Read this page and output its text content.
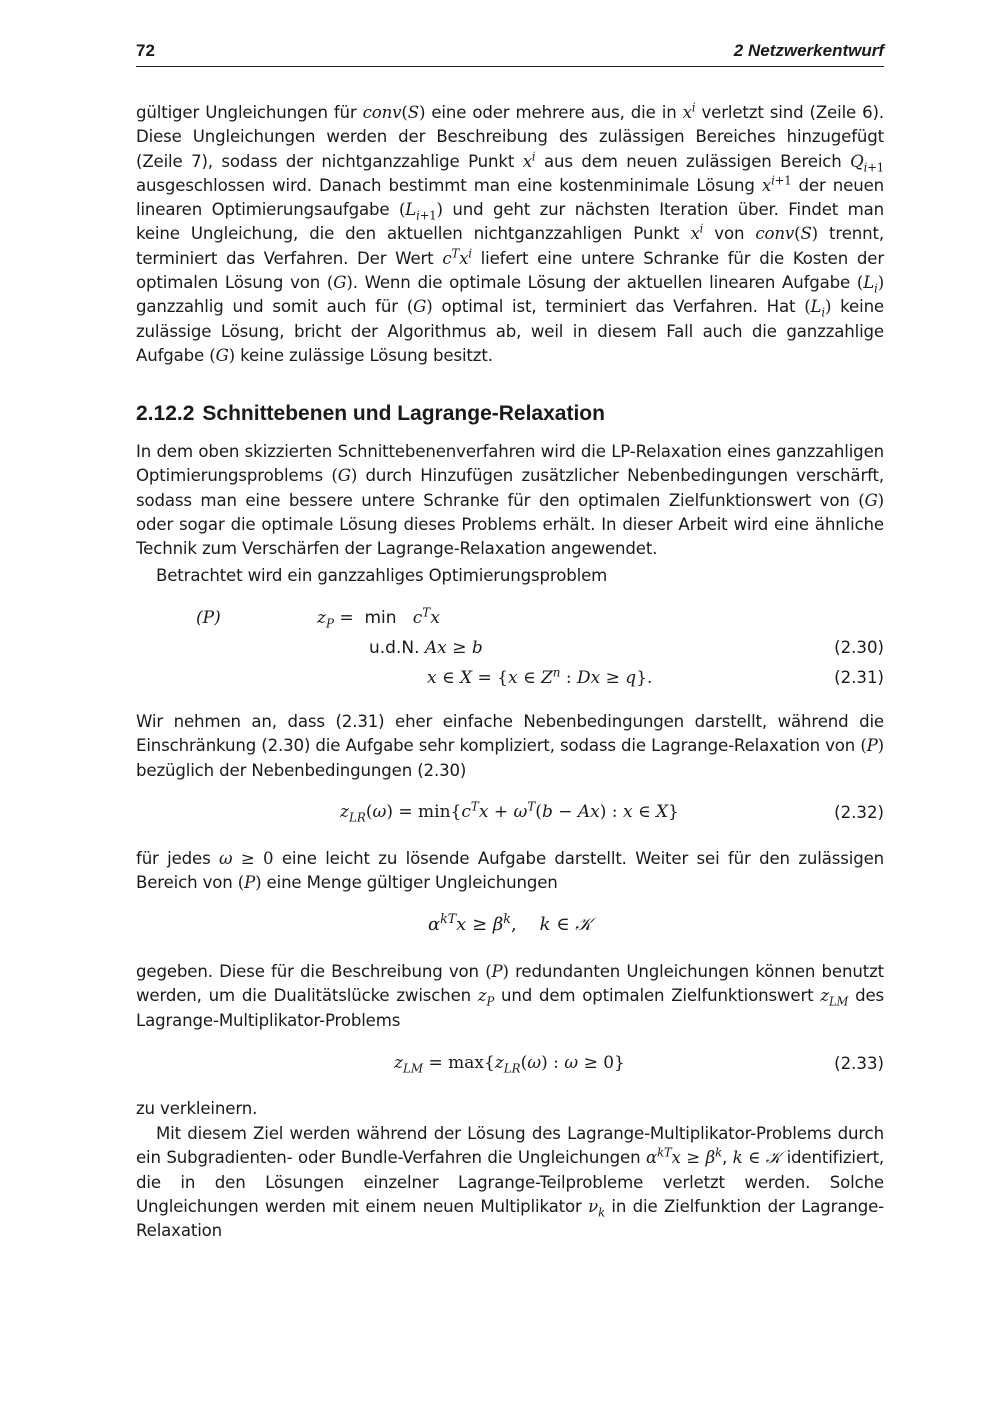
72	2 Netzwerkentwurf

gültiger Ungleichungen für conv(S) eine oder mehrere aus, die in $x^i$ verletzt sind (Zeile 6). Diese Ungleichungen werden der Beschreibung des zulässigen Bereiches hinzugefügt (Zeile 7), sodass der nichtganzzahlige Punkt $x^i$ aus dem neuen zulässigen Bereich $Q_{i+1}$ ausgeschlossen wird. Danach bestimmt man eine kostenminimale Lösung $x^{i+1}$ der neuen linearen Optimierungsaufgabe $(L_{i+1})$ und geht zur nächsten Iteration über. Findet man keine Ungleichung, die den aktuellen nichtganzzahligen Punkt $x^i$ von conv(S) trennt, terminiert das Verfahren. Der Wert $c^Tx^i$ liefert eine untere Schranke für die Kosten der optimalen Lösung von (G). Wenn die optimale Lösung der aktuellen linearen Aufgabe $(L_i)$ ganzzahlig und somit auch für (G) optimal ist, terminiert das Verfahren. Hat $(L_i)$ keine zulässige Lösung, bricht der Algorithmus ab, weil in diesem Fall auch die ganzzahlige Aufgabe (G) keine zulässige Lösung besitzt.

2.12.2 Schnittebenen und Lagrange-Relaxation

In dem oben skizzierten Schnittebenenverfahren wird die LP-Relaxation eines ganzzahligen Optimierungsproblems (G) durch Hinzufügen zusätzlicher Nebenbedingungen verschärft, sodass man eine bessere untere Schranke für den optimalen Zielfunktionswert von (G) oder sogar die optimale Lösung dieses Problems erhält. In dieser Arbeit wird eine ähnliche Technik zum Verschärfen der Lagrange-Relaxation angewendet.

Betrachtet wird ein ganzzahliges Optimierungsproblem

(P)	$z_P = \min c^Tx$
u.d.N. Ax ≥ b	(2.30)
x ∈ X = {x ∈ $Z^n$ : Dx ≥ q}.	(2.31)

Wir nehmen an, dass (2.31) eher einfache Nebenbedingungen darstellt, während die Einschränkung (2.30) die Aufgabe sehr kompliziert, sodass die Lagrange-Relaxation von (P) bezüglich der Nebenbedingungen (2.30)

$z_{LR}(\omega) = \min\{c^Tx + \omega^T(b - Ax)$ : x ∈ X}	(2.32)

für jedes ω ≥ 0 eine leicht zu lösende Aufgabe darstellt. Weiter sei für den zulässigen Bereich von (P) eine Menge gültiger Ungleichungen

$\alpha^{kT}x \ge \beta^k$, k ∈ 𝒦

gegeben. Diese für die Beschreibung von (P) redundanten Ungleichungen können benutzt werden, um die Dualitätslücke zwischen $z_P$ und dem optimalen Zielfunktionswert $z_{LM}$ des Lagrange-Multiplikator-Problems

$z_{LM} = \max\{z_{LR}(\omega)$ : ω ≥ 0}	(2.33)

zu verkleinern.

Mit diesem Ziel werden während der Lösung des Lagrange-Multiplikator-Problems durch ein Subgradienten- oder Bundle-Verfahren die Ungleichungen $\alpha^{kT}x \ge \beta^k$, k ∈ 𝒦 identifiziert, die in den Lösungen einzelner Lagrange-Teilprobleme verletzt werden. Solche Ungleichungen werden mit einem neuen Multiplikator $\nu_k$ in die Zielfunktion der Lagrange-Relaxation
